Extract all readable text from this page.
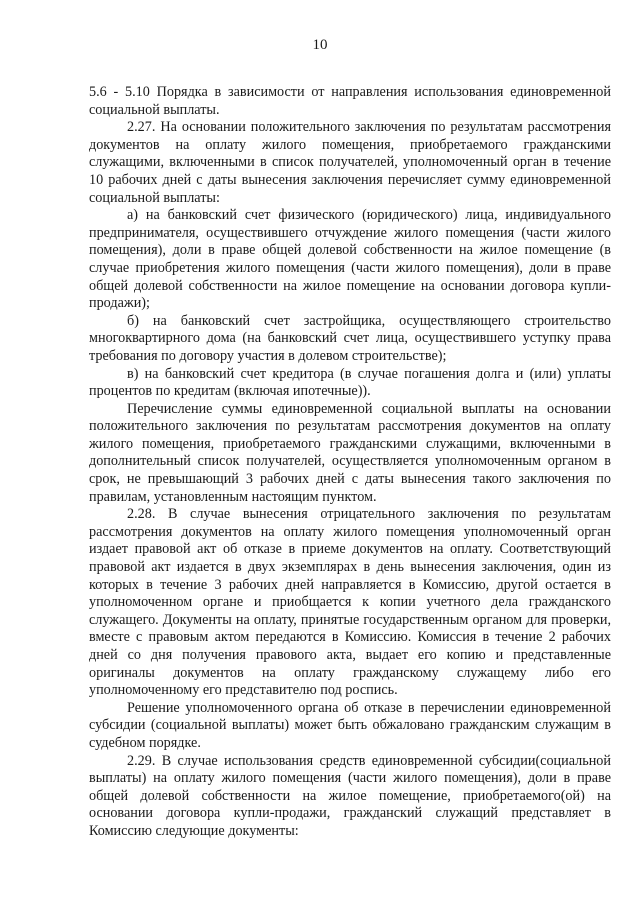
10

5.6 - 5.10 Порядка в зависимости от направления использования единовременной социальной выплаты.

2.27. На основании положительного заключения по результатам рассмотрения документов на оплату жилого помещения, приобретаемого гражданскими служащими, включенными в список получателей, уполномоченный орган в течение 10 рабочих дней с даты вынесения заключения перечисляет сумму единовременной социальной выплаты:

а) на банковский счет физического (юридического) лица, индивидуального предпринимателя, осуществившего отчуждение жилого помещения (части жилого помещения), доли в праве общей долевой собственности на жилое помещение (в случае приобретения жилого помещения (части жилого помещения), доли в праве общей долевой собственности на жилое помещение на основании договора купли-продажи);

б) на банковский счет застройщика, осуществляющего строительство многоквартирного дома (на банковский счет лица, осуществившего уступку права требования по договору участия в долевом строительстве);

в) на банковский счет кредитора (в случае погашения долга и (или) уплаты процентов по кредитам (включая ипотечные)).

Перечисление суммы единовременной социальной выплаты на основании положительного заключения по результатам рассмотрения документов на оплату жилого помещения, приобретаемого гражданскими служащими, включенными в дополнительный список получателей, осуществляется уполномоченным органом в срок, не превышающий 3 рабочих дней с даты вынесения такого заключения по правилам, установленным настоящим пунктом.

2.28. В случае вынесения отрицательного заключения по результатам рассмотрения документов на оплату жилого помещения уполномоченный орган издает правовой акт об отказе в приеме документов на оплату. Соответствующий правовой акт издается в двух экземплярах в день вынесения заключения, один из которых в течение 3 рабочих дней направляется в Комиссию, другой остается в уполномоченном органе и приобщается к копии учетного дела гражданского служащего. Документы на оплату, принятые государственным органом для проверки, вместе с правовым актом передаются в Комиссию. Комиссия в течение 2 рабочих дней со дня получения правового акта, выдает его копию и представленные оригиналы документов на оплату гражданскому служащему либо его уполномоченному его представителю под роспись.

Решение уполномоченного органа об отказе в перечислении единовременной субсидии (социальной выплаты) может быть обжаловано гражданским служащим в судебном порядке.

2.29. В случае использования средств единовременной субсидии(социальной выплаты) на оплату жилого помещения (части жилого помещения), доли в праве общей долевой собственности на жилое помещение, приобретаемого(ой) на основании договора купли-продажи, гражданский служащий представляет в Комиссию следующие документы:
